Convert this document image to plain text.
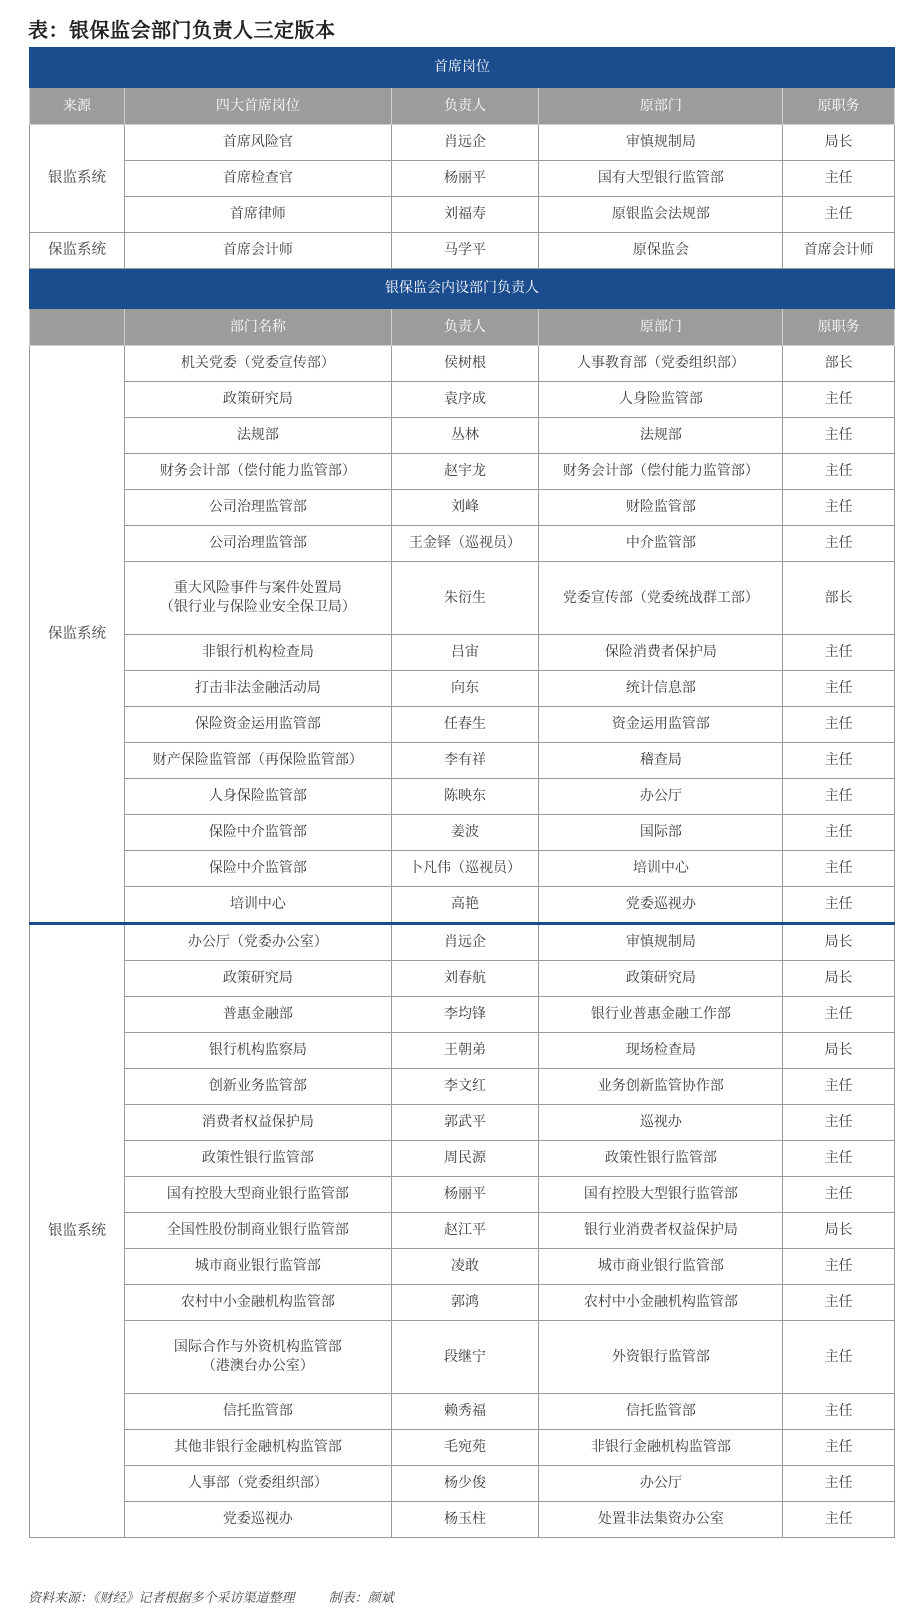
表：银保监会部门负责人三定版本
首席岗位				
来源	四大首席岗位	负责人	原部门	原职务
银监系统	首席风险官	肖远企	审慎规制局	局长
	首席检查官	杨丽平	国有大型银行监管部	主任
	首席律师	刘福寿	原银监会法规部	主任
保监系统	首席会计师	马学平	原保监会	首席会计师
银保监会内设部门负责人				
	部门名称	负责人	原部门	原职务
保监系统	机关党委（党委宣传部）	侯树根	人事教育部（党委组织部）	部长
	政策研究局	袁序成	人身险监管部	主任
	法规部	丛林	法规部	主任
	财务会计部（偿付能力监管部）	赵宇龙	财务会计部（偿付能力监管部）	主任
	公司治理监管部	刘峰	财险监管部	主任
	公司治理监管部	王金铎（巡视员）	中介监管部	主任
	重大风险事件与案件处置局
（银行业与保险业安全保卫局）	朱衍生	党委宣传部（党委统战群工部）	部长
	非银行机构检查局	吕宙	保险消费者保护局	主任
	打击非法金融活动局	向东	统计信息部	主任
	保险资金运用监管部	任春生	资金运用监管部	主任
	财产保险监管部（再保险监管部）	李有祥	稽查局	主任
	人身保险监管部	陈映东	办公厅	主任
	保险中介监管部	姜波	国际部	主任
	保险中介监管部	卜凡伟（巡视员）	培训中心	主任
	培训中心	高艳	党委巡视办	主任
银监系统	办公厅（党委办公室）	肖远企	审慎规制局	局长
	政策研究局	刘春航	政策研究局	局长
	普惠金融部	李均锋	银行业普惠金融工作部	主任
	银行机构监察局	王朝弟	现场检查局	局长
	创新业务监管部	李文红	业务创新监管协作部	主任
	消费者权益保护局	郭武平	巡视办	主任
	政策性银行监管部	周民源	政策性银行监管部	主任
	国有控股大型商业银行监管部	杨丽平	国有控股大型银行监管部	主任
	全国性股份制商业银行监管部	赵江平	银行业消费者权益保护局	局长
	城市商业银行监管部	凌敢	城市商业银行监管部	主任
	农村中小金融机构监管部	郭鸿	农村中小金融机构监管部	主任
	国际合作与外资机构监管部
（港澳台办公室）	段继宁	外资银行监管部	主任
	信托监管部	赖秀福	信托监管部	主任
	其他非银行金融机构监管部	毛宛苑	非银行金融机构监管部	主任
	人事部（党委组织部）	杨少俊	办公厅	主任
	党委巡视办	杨玉柱	处置非法集资办公室	主任
资料来源：《财经》记者根据多个采访渠道整理	制表：颜斌
